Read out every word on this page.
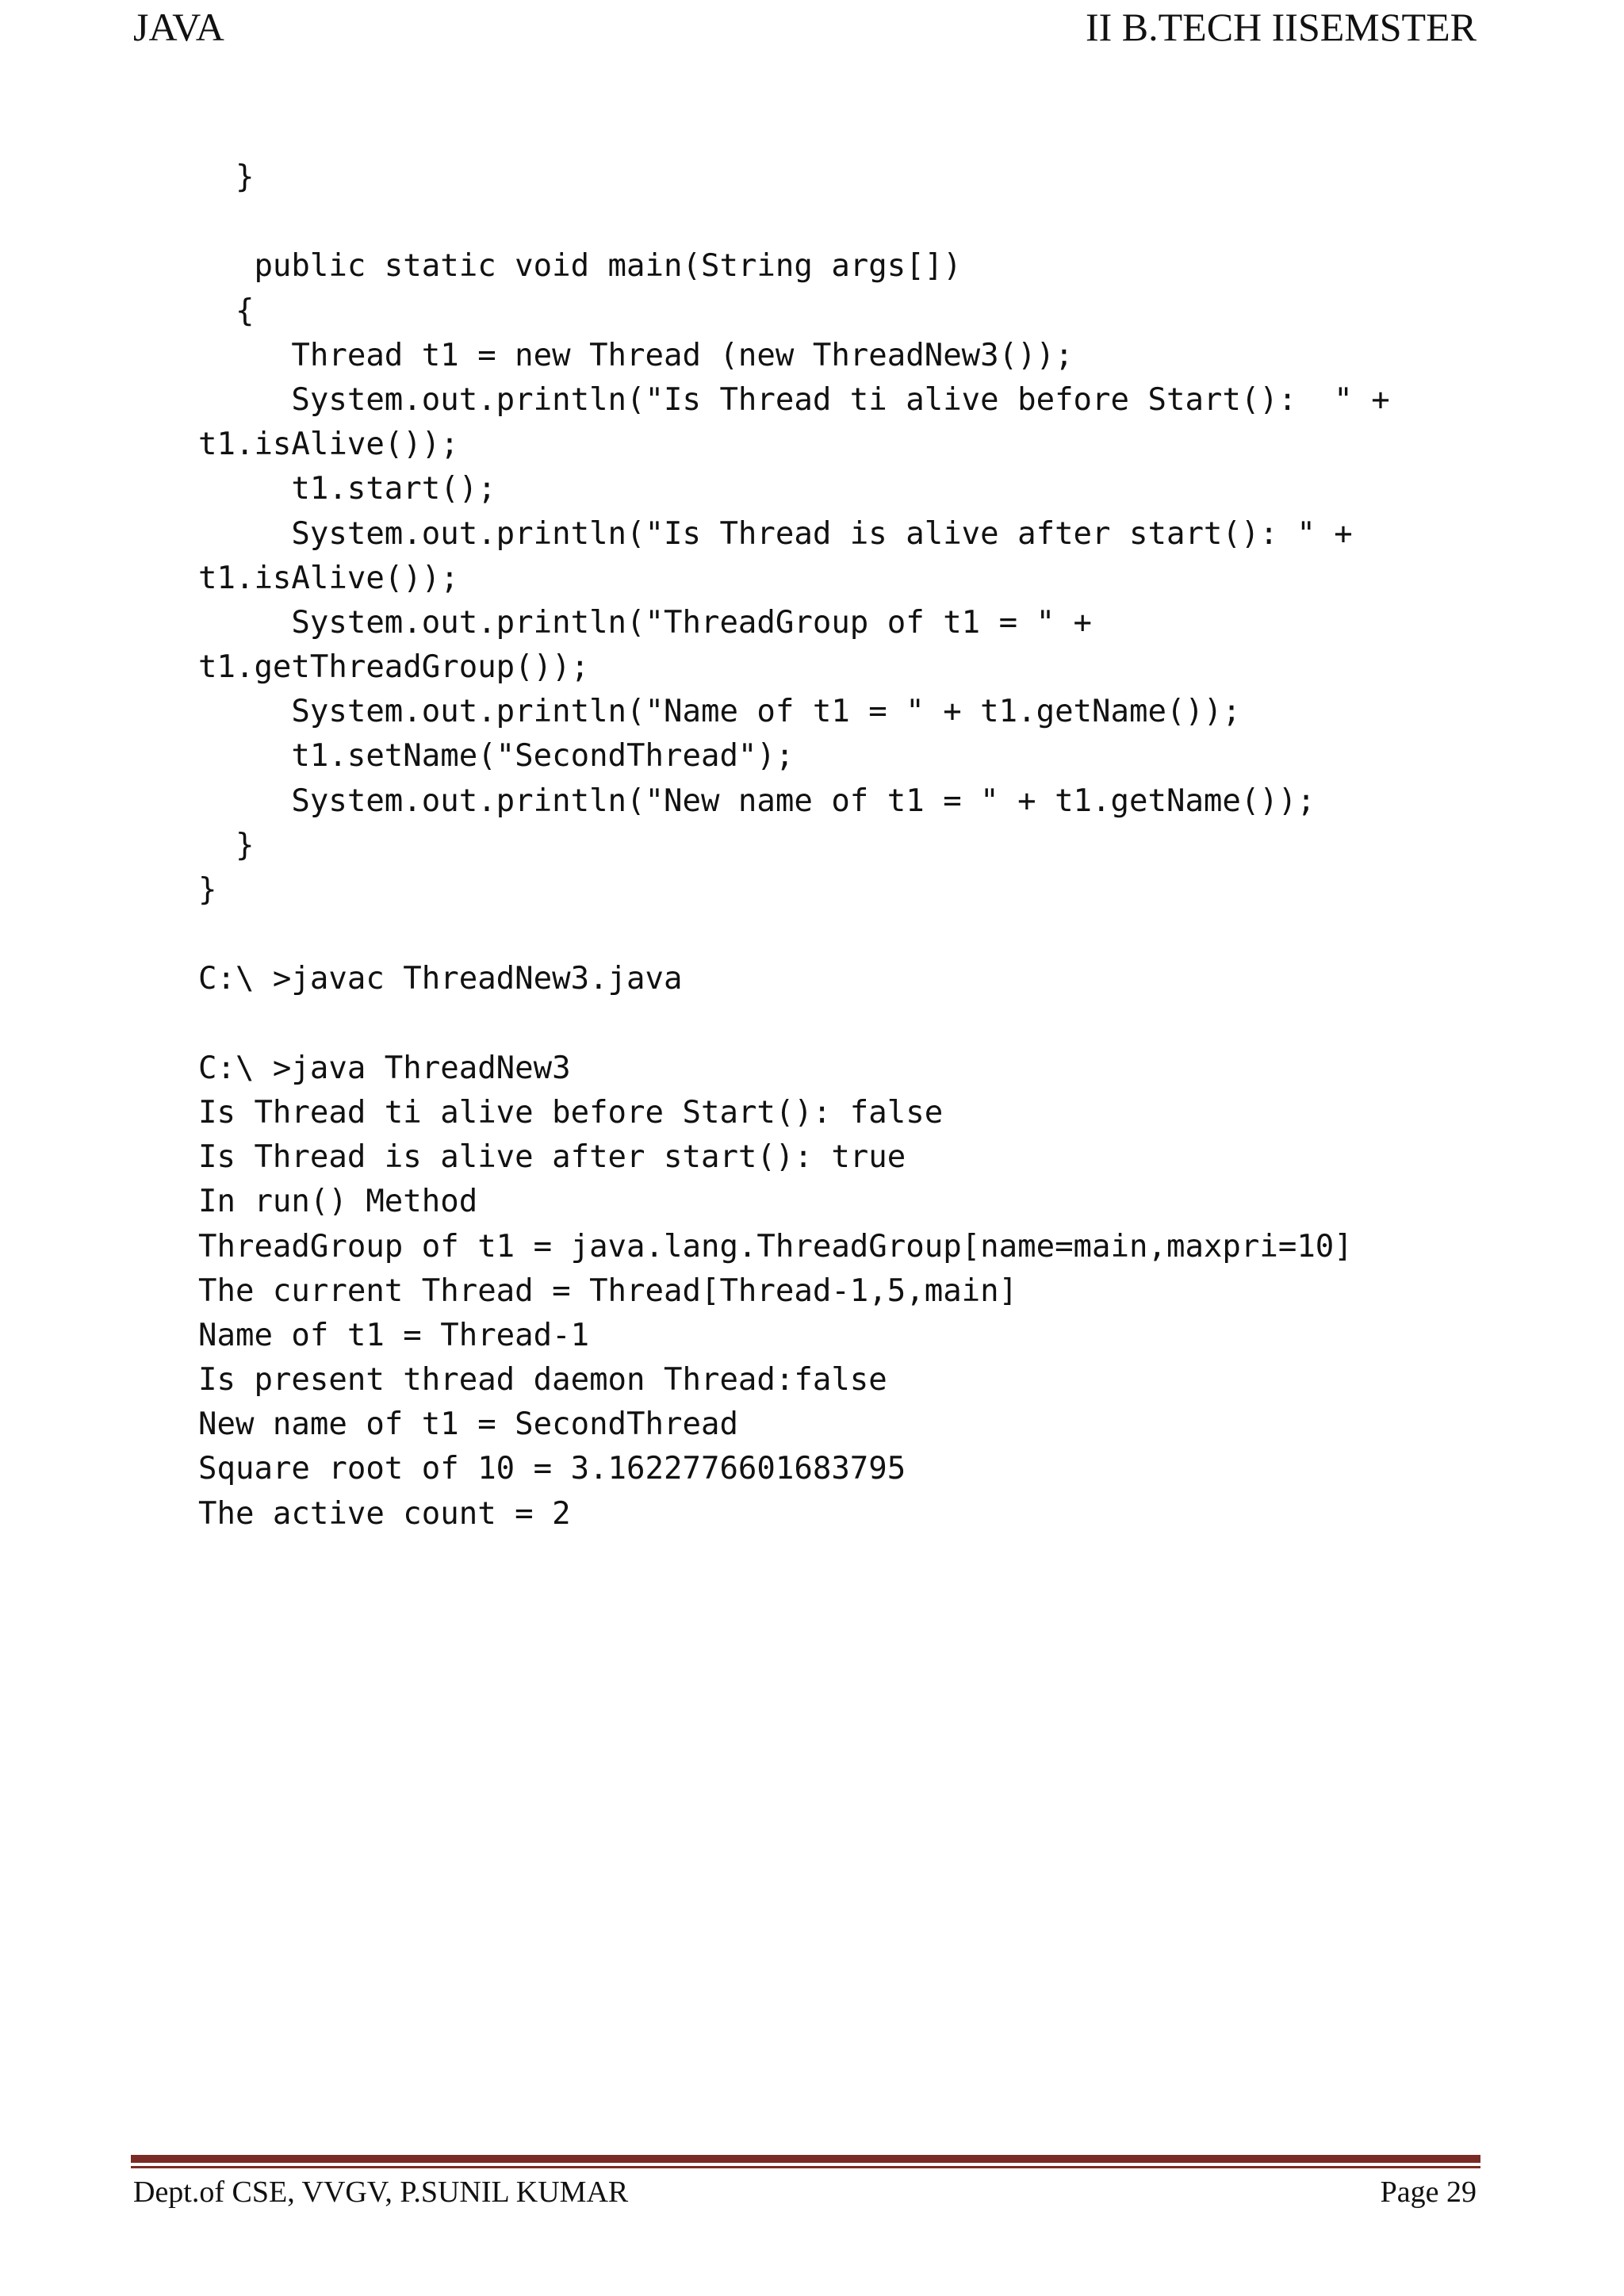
JAVA	II B.TECH IISEMSTER
}
public static void main(String args[])
{
Thread t1 = new Thread (new ThreadNew3());
System.out.println("Is Thread ti alive before Start():  " +
t1.isAlive());
t1.start();
System.out.println("Is Thread is alive after start(): " +
t1.isAlive());
System.out.println("ThreadGroup of t1 = " +
t1.getThreadGroup());
System.out.println("Name of t1 = " + t1.getName());
t1.setName("SecondThread");
System.out.println("New name of t1 = " + t1.getName());
}
}
C:\ >javac ThreadNew3.java
C:\ >java ThreadNew3
Is Thread ti alive before Start(): false
Is Thread is alive after start(): true
In run() Method
ThreadGroup of t1 = java.lang.ThreadGroup[name=main,maxpri=10]
The current Thread = Thread[Thread-1,5,main]
Name of t1 = Thread-1
Is present thread daemon Thread:false
New name of t1 = SecondThread
Square root of 10 = 3.1622776601683795
The active count = 2
Dept.of CSE, VVGV, P.SUNIL KUMAR	Page 29
